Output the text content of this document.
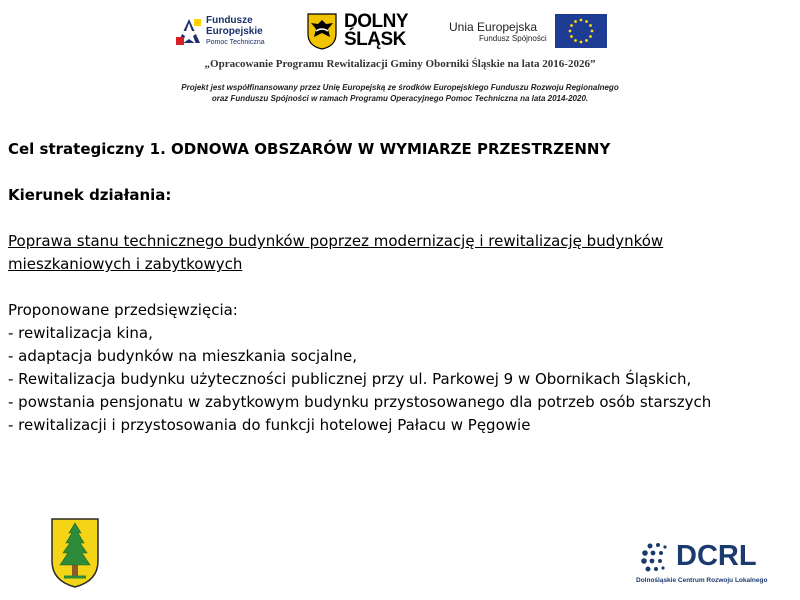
Fundusze
Europejskie
Pomoc Techniczna
DOLNY
ŚLĄSK
Unia Europejska
Fundusz Spójności
„Opracowanie Programu Rewitalizacji Gminy Oborniki Śląskie na lata 2016-2026”
Projekt jest współfinansowany przez Unię Europejską ze środków Europejskiego Funduszu Rozwoju Regionalnego
oraz Funduszu Spójności w ramach Programu Operacyjnego Pomoc Techniczna na lata 2014-2020.

Cel strategiczny 1. ODNOWA OBSZARÓW W WYMIARZE PRZESTRZENNY

Kierunek działania:

Poprawa stanu technicznego budynków poprzez modernizację i rewitalizację budynków

mieszkaniowych i zabytkowych

Proponowane przedsięwzięcia:

- rewitalizacja kina,

- adaptacja budynków na mieszkania socjalne,

- Rewitalizacja budynku użyteczności publicznej przy ul. Parkowej 9 w Obornikach Śląskich,

- powstania pensjonatu w zabytkowym budynku przystosowanego dla potrzeb osób starszych

- rewitalizacji i przystosowania do funkcji hotelowej Pałacu w Pęgowie

DCRL
Dolnośląskie Centrum Rozwoju Lokalnego
